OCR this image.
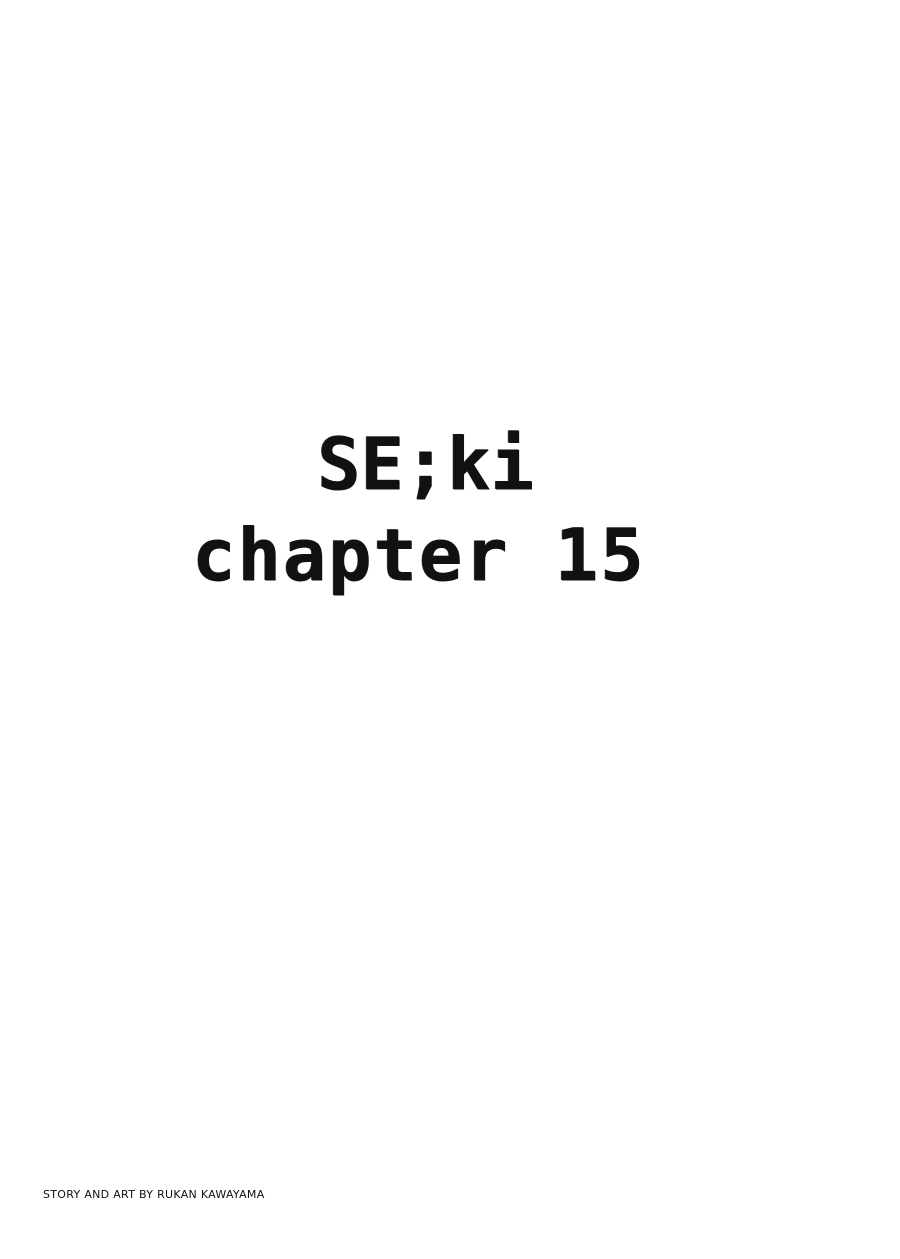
SE;ki
chapter 15
STORY AND ART BY RUKAN KAWAYAMA
